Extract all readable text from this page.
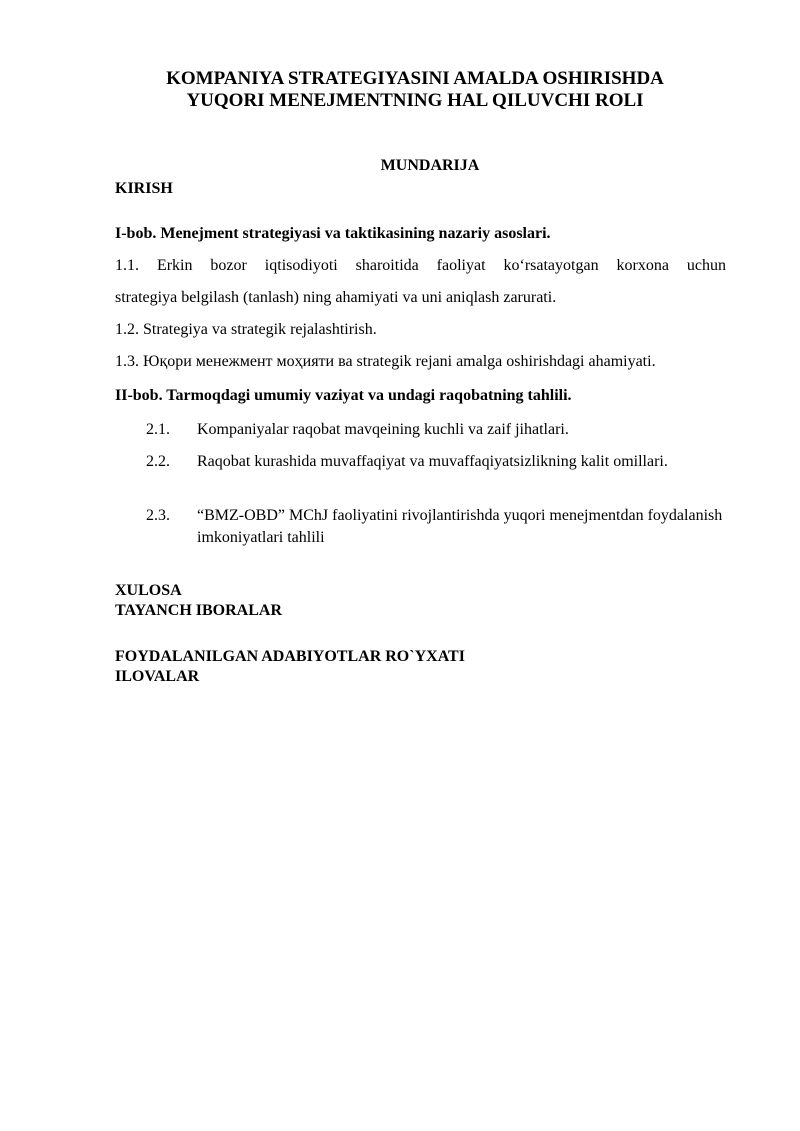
KOMPANIYA STRATEGIYASINI AMALDA OSHIRISHDA
YUQORI MENEJMENTNING HAL QILUVCHI ROLI
MUNDARIJA
KIRISH
I-bob. Menejment strategiyasi va taktikasining nazariy asoslari.
1.1. Erkin bozor iqtisodiyoti sharoitida faoliyat koʻrsatayotgan korxona uchun
strategiya belgilash (tanlash) ning ahamiyati va uni aniqlash zarurati.
1.2. Strategiya va strategik rejalashtirish.
1.3. Юқори менежмент моҳияти ва strategik rejani amalga oshirishdagi ahamiyati.
II-bob. Tarmoqdagi umumiy vaziyat va undagi raqobatning tahlili.
2.1. Kompaniyalar raqobat mavqeining kuchli va zaif jihatlari.
2.2. Raqobat kurashida muvaffaqiyat va muvaffaqiyatsizlikning kalit omillari.
2.3. “BMZ-OBD” MChJ faoliyatini rivojlantirishda yuqori menejmentdan foydalanish imkoniyatlari tahlili
XULOSA
TAYANCH IBORALAR
FOYDALANILGAN ADABIYOTLAR RO`YXATI
ILOVALAR
